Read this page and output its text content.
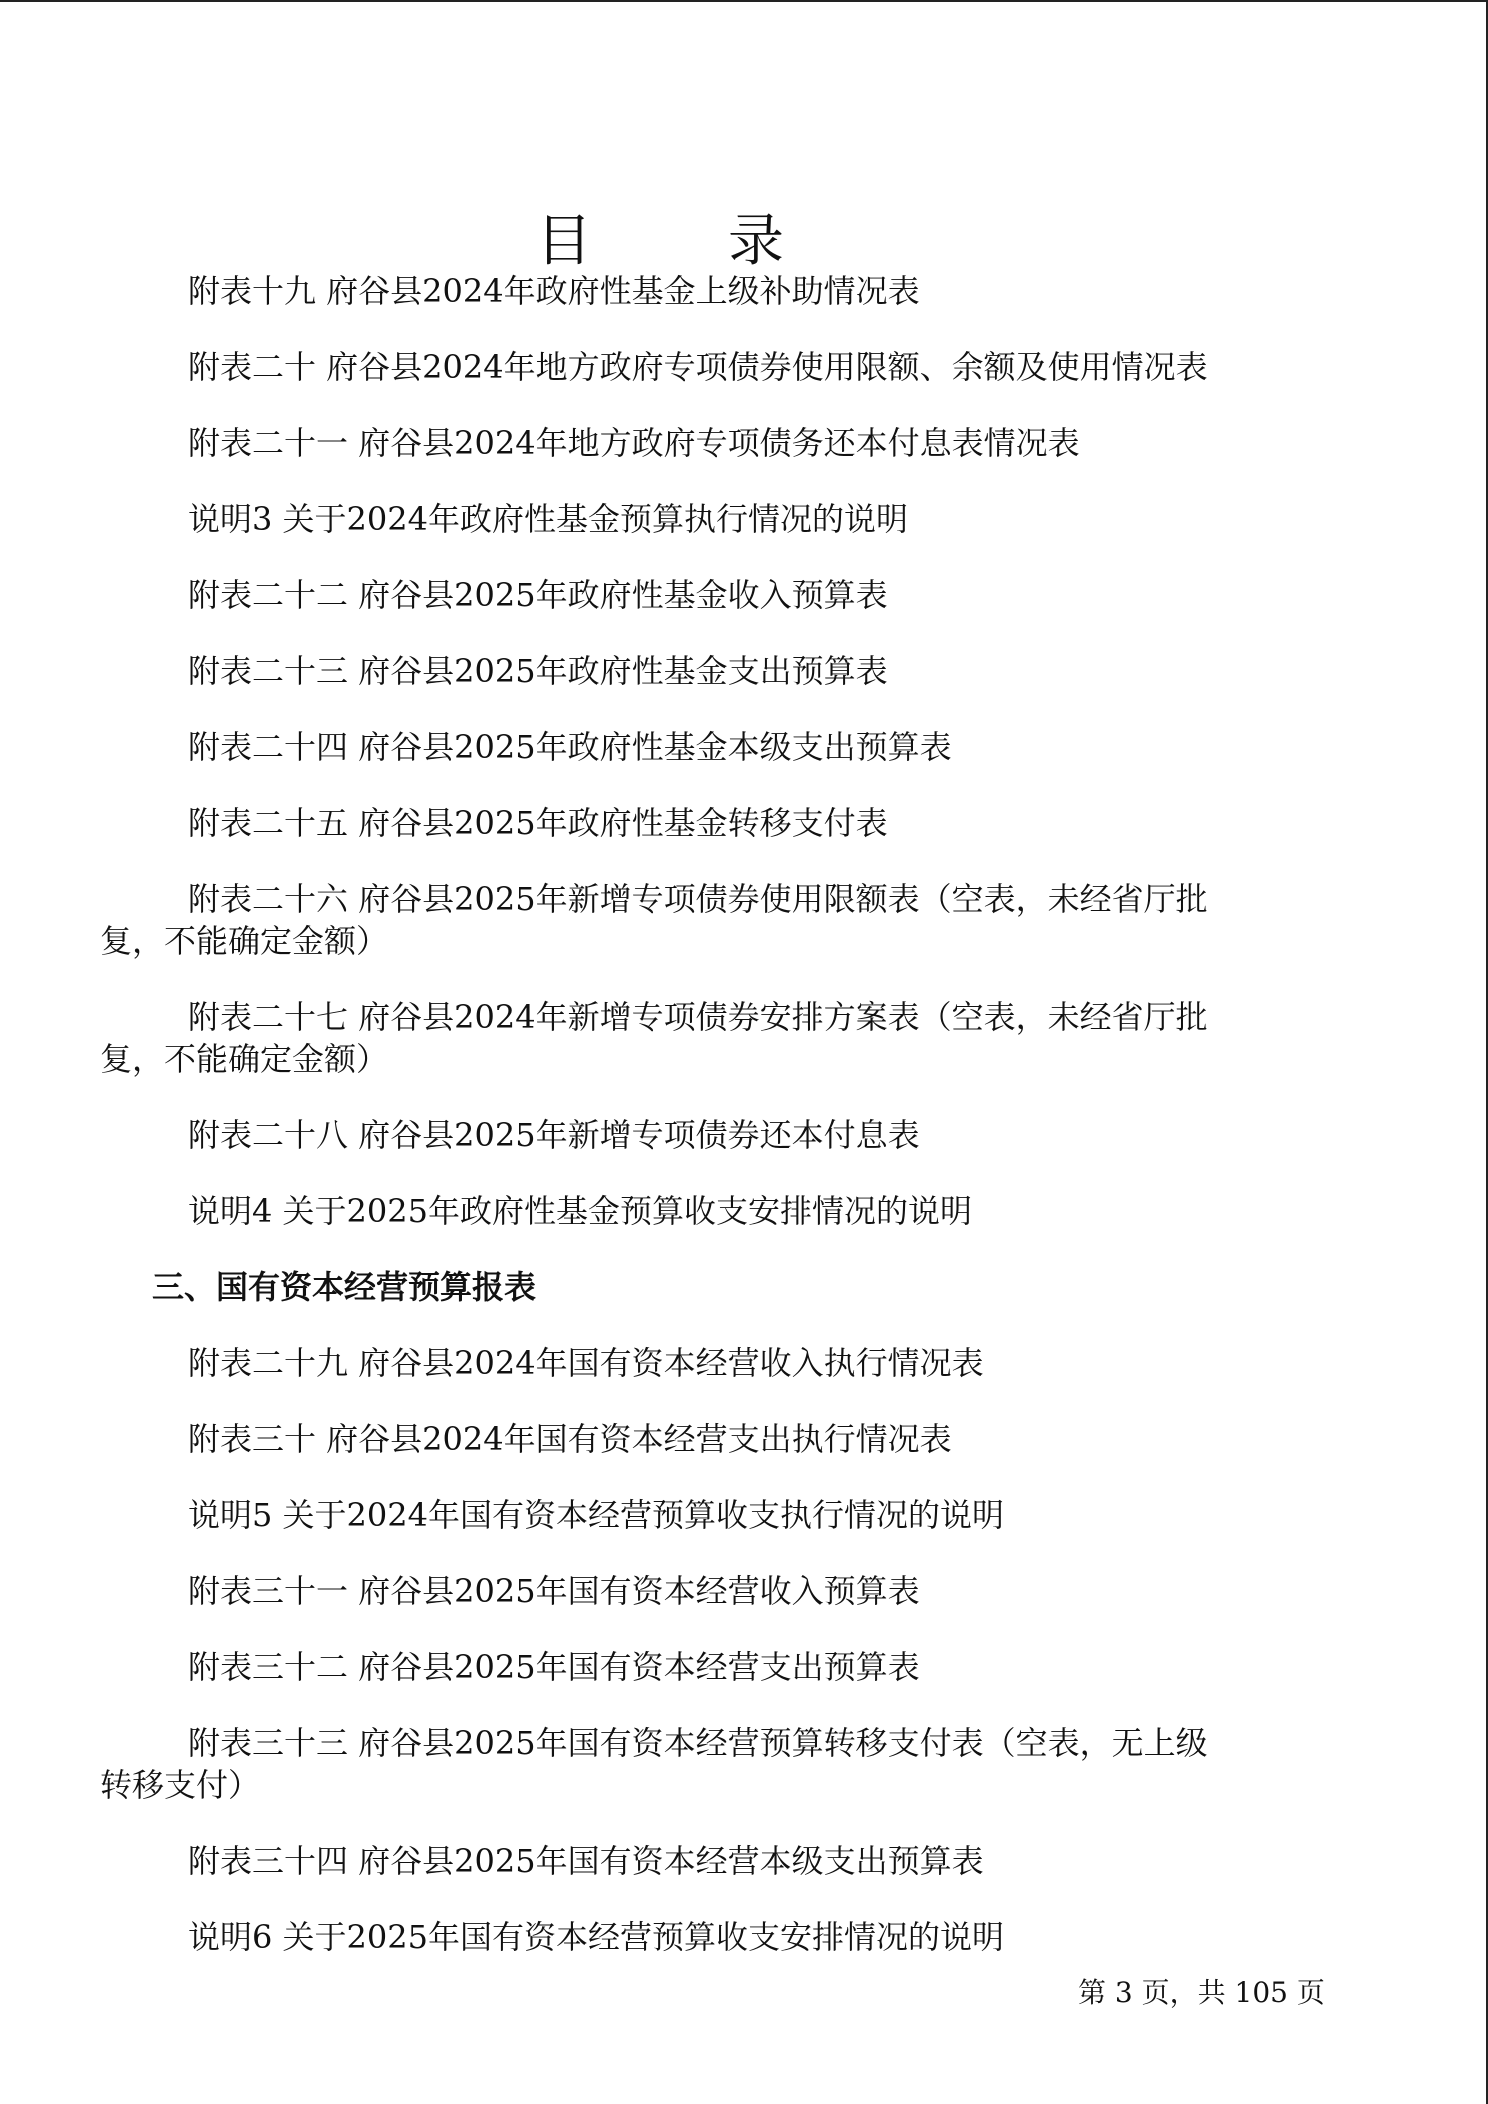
目　录
附表十九 府谷县2024年政府性基金上级补助情况表
附表二十 府谷县2024年地方政府专项债券使用限额、余额及使用情况表
附表二十一 府谷县2024年地方政府专项债务还本付息表情况表
说明3 关于2024年政府性基金预算执行情况的说明
附表二十二 府谷县2025年政府性基金收入预算表
附表二十三 府谷县2025年政府性基金支出预算表
附表二十四 府谷县2025年政府性基金本级支出预算表
附表二十五 府谷县2025年政府性基金转移支付表
附表二十六 府谷县2025年新增专项债券使用限额表（空表，未经省厅批复，不能确定金额）
附表二十七 府谷县2024年新增专项债券安排方案表（空表，未经省厅批复，不能确定金额）
附表二十八 府谷县2025年新增专项债券还本付息表
说明4 关于2025年政府性基金预算收支安排情况的说明
三、国有资本经营预算报表
附表二十九 府谷县2024年国有资本经营收入执行情况表
附表三十 府谷县2024年国有资本经营支出执行情况表
说明5 关于2024年国有资本经营预算收支执行情况的说明
附表三十一 府谷县2025年国有资本经营收入预算表
附表三十二 府谷县2025年国有资本经营支出预算表
附表三十三 府谷县2025年国有资本经营预算转移支付表（空表，无上级转移支付）
附表三十四 府谷县2025年国有资本经营本级支出预算表
说明6 关于2025年国有资本经营预算收支安排情况的说明
第 3 页，共 105 页
